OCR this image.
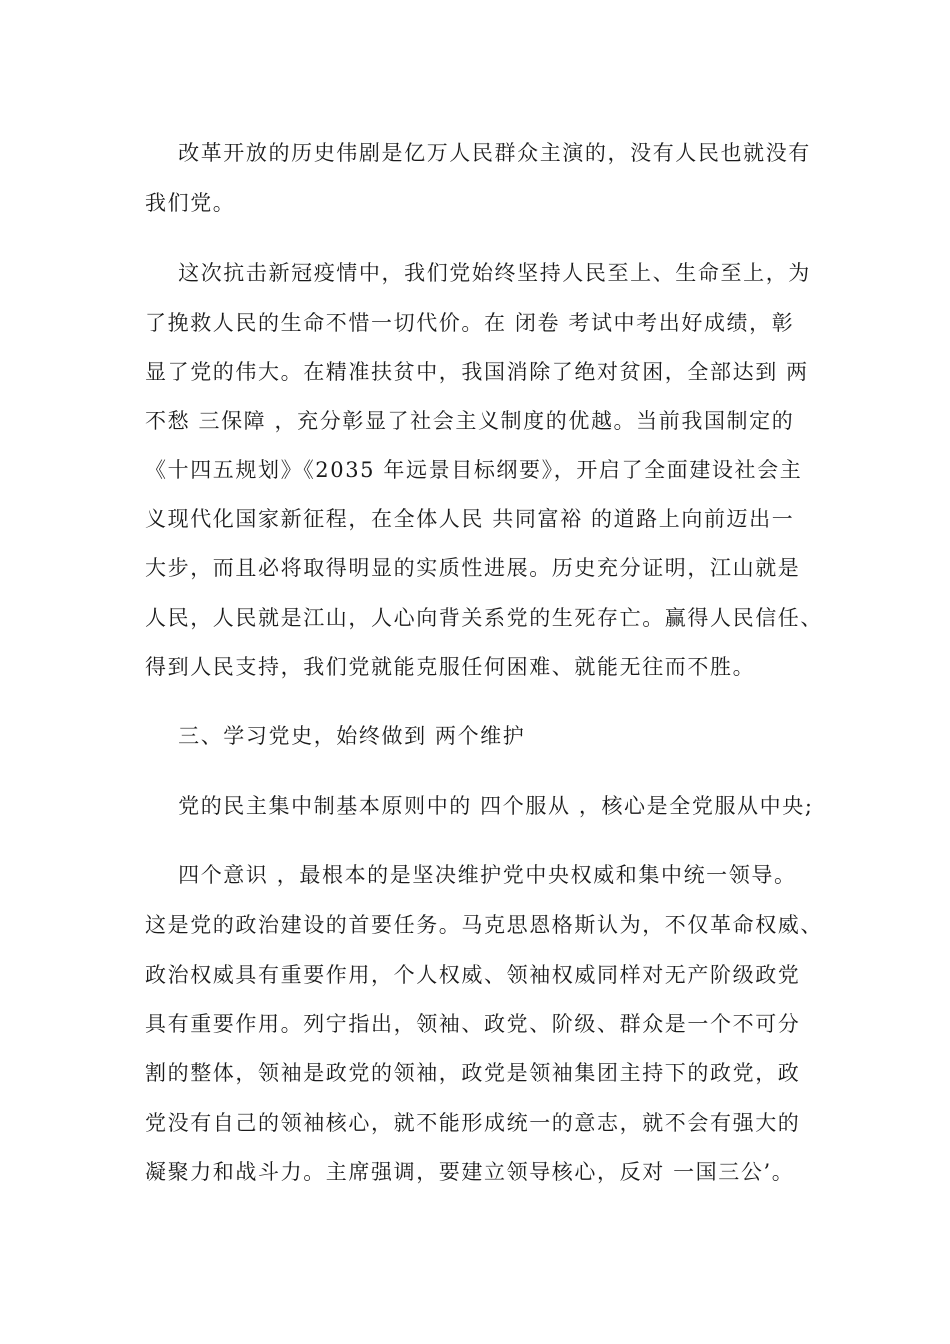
改革开放的历史伟剧是亿万人民群众主演的，没有人民也就没有
我们党。
这次抗击新冠疫情中，我们党始终坚持人民至上、生命至上，为
了挽救人民的生命不惜一切代价。在 闭卷 考试中考出好成绩，彰
显了党的伟大。在精准扶贫中，我国消除了绝对贫困，全部达到 两
不愁 三保障 ，充分彰显了社会主义制度的优越。当前我国制定的
《十四五规划》《2035 年远景目标纲要》，开启了全面建设社会主
义现代化国家新征程，在全体人民 共同富裕 的道路上向前迈出一
大步，而且必将取得明显的实质性进展。历史充分证明，江山就是
人民，人民就是江山，人心向背关系党的生死存亡。赢得人民信任、
得到人民支持，我们党就能克服任何困难、就能无往而不胜。
三、学习党史，始终做到 两个维护
党的民主集中制基本原则中的 四个服从 ，核心是全党服从中央;
四个意识 ，最根本的是坚决维护党中央权威和集中统一领导。
这是党的政治建设的首要任务。马克思恩格斯认为，不仅革命权威、
政治权威具有重要作用，个人权威、领袖权威同样对无产阶级政党
具有重要作用。列宁指出，领袖、政党、阶级、群众是一个不可分
割的整体，领袖是政党的领袖，政党是领袖集团主持下的政党，政
党没有自己的领袖核心，就不能形成统一的意志，就不会有强大的
凝聚力和战斗力。主席强调，要建立领导核心，反对 一国三公’。
